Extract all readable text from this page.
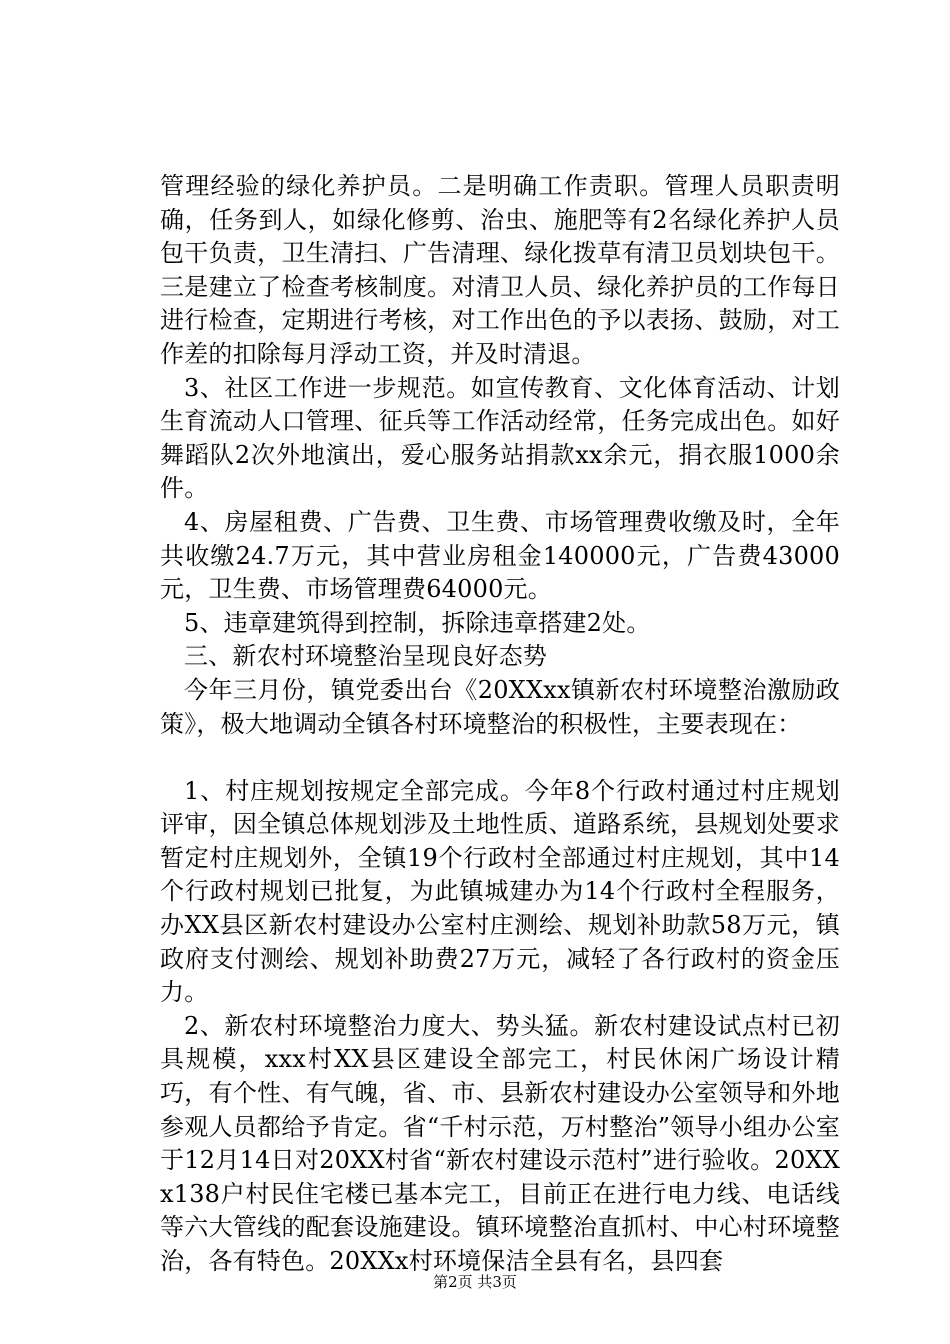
管理经验的绿化养护员。二是明确工作责职。管理人员职责明确，任务到人，如绿化修剪、治虫、施肥等有2名绿化养护人员包干负责，卫生清扫、广告清理、绿化拨草有清卫员划块包干。三是建立了检查考核制度。对清卫人员、绿化养护员的工作每日进行检查，定期进行考核，对工作出色的予以表扬、鼓励，对工作差的扣除每月浮动工资，并及时清退。

3、社区工作进一步规范。如宣传教育、文化体育活动、计划生育流动人口管理、征兵等工作活动经常，任务完成出色。如好舞蹈队2次外地演出，爱心服务站捐款xx余元，捐衣服1000余件。

4、房屋租费、广告费、卫生费、市场管理费收缴及时，全年共收缴24.7万元，其中营业房租金140000元，广告费43000元，卫生费、市场管理费64000元。

5、违章建筑得到控制，拆除违章搭建2处。

三、新农村环境整治呈现良好态势

今年三月份，镇党委出台《20XXxx镇新农村环境整治激励政策》，极大地调动全镇各村环境整治的积极性，主要表现在：

1、村庄规划按规定全部完成。今年8个行政村通过村庄规划评审，因全镇总体规划涉及土地性质、道路系统，县规划处要求暂定村庄规划外，全镇19个行政村全部通过村庄规划，其中14个行政村规划已批复，为此镇城建办为14个行政村全程服务，办XX县区新农村建设办公室村庄测绘、规划补助款58万元，镇政府支付测绘、规划补助费27万元，减轻了各行政村的资金压力。

2、新农村环境整治力度大、势头猛。新农村建设试点村已初具规模，xxx村XX县区建设全部完工，村民休闲广场设计精巧，有个性、有气魄，省、市、县新农村建设办公室领导和外地参观人员都给予肯定。省“千村示范，万村整治”领导小组办公室于12月14日对20XX村省“新农村建设示范村”进行验收。20XXx138户村民住宅楼已基本完工，目前正在进行电力线、电话线等六大管线的配套设施建设。镇环境整治直抓村、中心村环境整治，各有特色。20XXx村环境保洁全县有名，县四套

第2页 共3页
